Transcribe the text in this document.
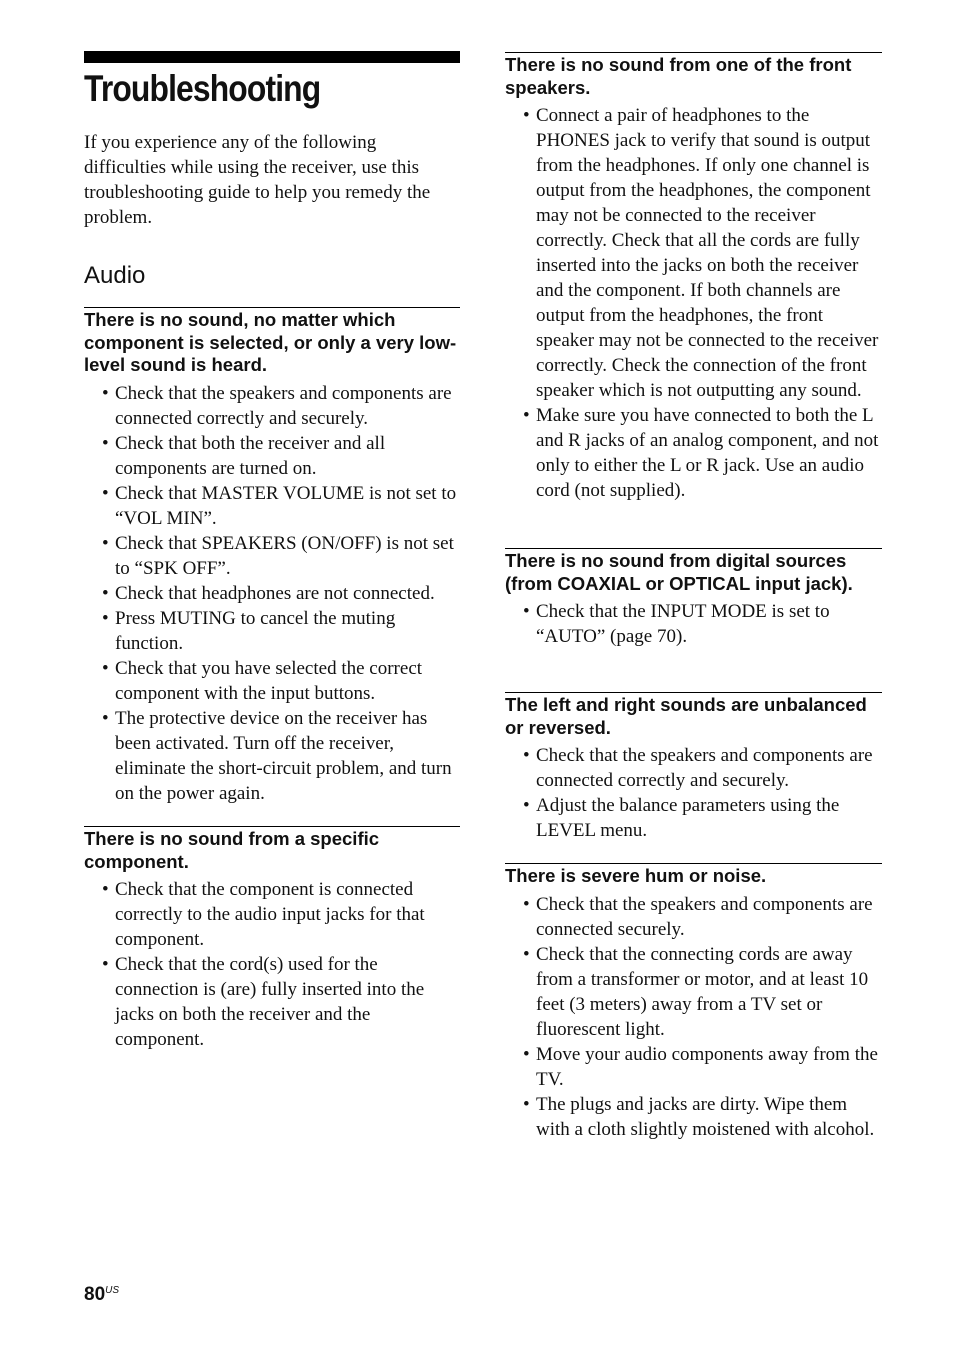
Troubleshooting

If you experience any of the following difficulties while using the receiver, use this troubleshooting guide to help you remedy the problem.

Audio
There is no sound, no matter which component is selected, or only a very low-level sound is heard.
• Check that the speakers and components are connected correctly and securely.
• Check that both the receiver and all components are turned on.
• Check that MASTER VOLUME is not set to “VOL MIN”.
• Check that SPEAKERS (ON/OFF) is not set to “SPK OFF”.
• Check that headphones are not connected.
• Press MUTING to cancel the muting function.
• Check that you have selected the correct component with the input buttons.
• The protective device on the receiver has been activated. Turn off the receiver, eliminate the short-circuit problem, and turn on the power again.
There is no sound from a specific component.
• Check that the component is connected correctly to the audio input jacks for that component.
• Check that the cord(s) used for the connection is (are) fully inserted into the jacks on both the receiver and the component.
There is no sound from one of the front speakers.
• Connect a pair of headphones to the PHONES jack to verify that sound is output from the headphones. If only one channel is output from the headphones, the component may not be connected to the receiver correctly. Check that all the cords are fully inserted into the jacks on both the receiver and the component. If both channels are output from the headphones, the front speaker may not be connected to the receiver correctly. Check the connection of the front speaker which is not outputting any sound.
• Make sure you have connected to both the L and R jacks of an analog component, and not only to either the L or R jack. Use an audio cord (not supplied).
There is no sound from digital sources (from COAXIAL or OPTICAL input jack).
• Check that the INPUT MODE is set to “AUTO” (page 70).
The left and right sounds are unbalanced or reversed.
• Check that the speakers and components are connected correctly and securely.
• Adjust the balance parameters using the LEVEL menu.
There is severe hum or noise.
• Check that the speakers and components are connected securely.
• Check that the connecting cords are away from a transformer or motor, and at least 10 feet (3 meters) away from a TV set or fluorescent light.
• Move your audio components away from the TV.
• The plugs and jacks are dirty. Wipe them with a cloth slightly moistened with alcohol.
$80^{US}$
